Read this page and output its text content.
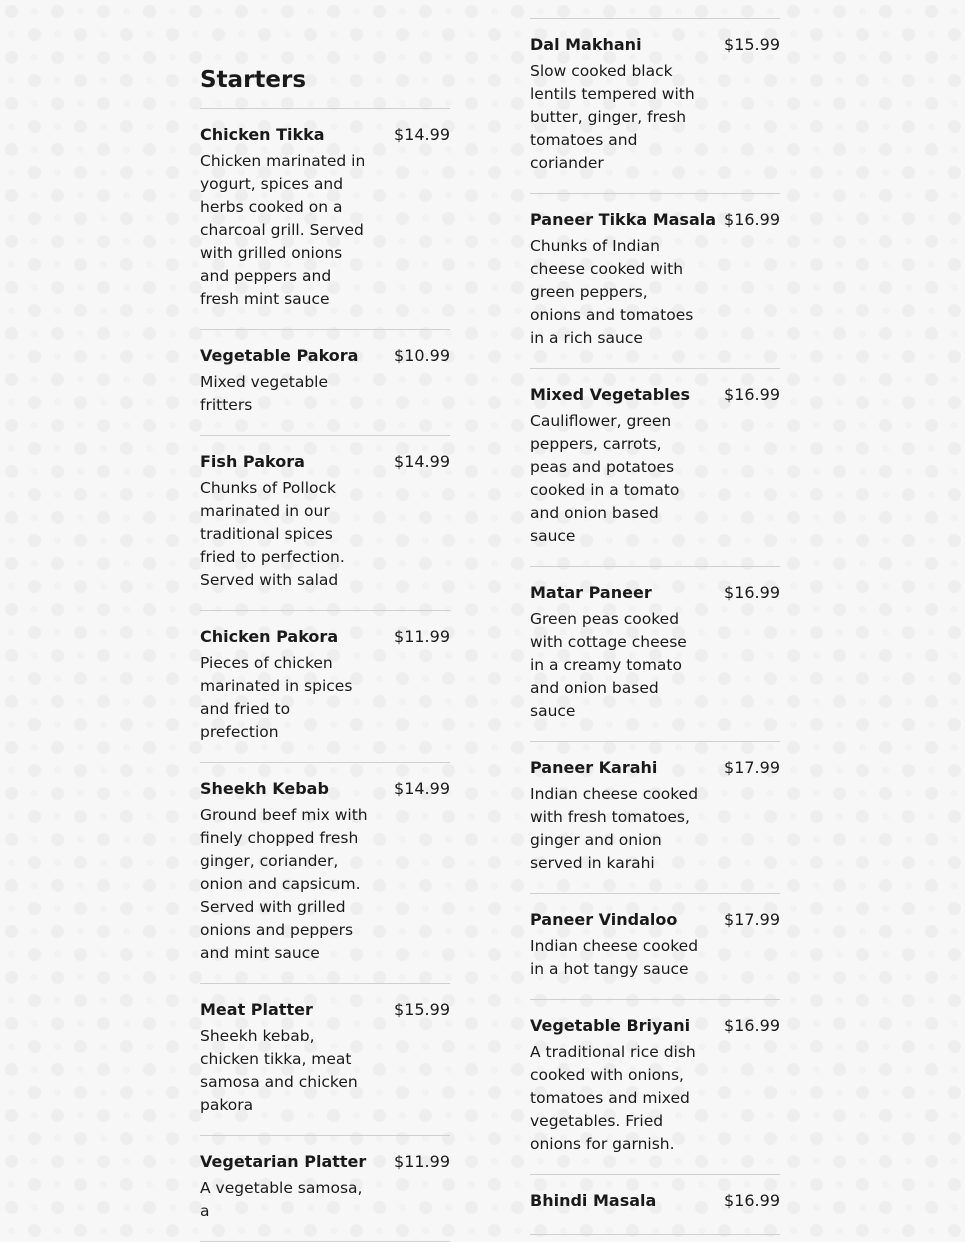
Starters
Chicken Tikka	$14.99
Chicken marinated in yogurt, spices and herbs cooked on a charcoal grill. Served with grilled onions and peppers and fresh mint sauce
Vegetable Pakora	$10.99
Mixed vegetable fritters
Fish Pakora	$14.99
Chunks of Pollock marinated in our traditional spices fried to perfection. Served with salad
Chicken Pakora	$11.99
Pieces of chicken marinated in spices and fried to prefection
Sheekh Kebab	$14.99
Ground beef mix with finely chopped fresh ginger, coriander, onion and capsicum. Served with grilled onions and peppers and mint sauce
Meat Platter	$15.99
Sheekh kebab, chicken tikka, meat samosa and chicken pakora
Vegetarian Platter	$11.99
A vegetable samosa, a
Dal Makhani	$15.99
Slow cooked black lentils tempered with butter, ginger, fresh tomatoes and coriander
Paneer Tikka Masala $16.99
Chunks of Indian cheese cooked with green peppers, onions and tomatoes in a rich sauce
Mixed Vegetables	$16.99
Cauliflower, green peppers, carrots, peas and potatoes cooked in a tomato and onion based sauce
Matar Paneer	$16.99
Green peas cooked with cottage cheese in a creamy tomato and onion based sauce
Paneer Karahi	$17.99
Indian cheese cooked with fresh tomatoes, ginger and onion served in karahi
Paneer Vindaloo	$17.99
Indian cheese cooked in a hot tangy sauce
Vegetable Briyani	$16.99
A traditional rice dish cooked with onions, tomatoes and mixed vegetables. Fried onions for garnish.
Bhindi Masala	$16.99
